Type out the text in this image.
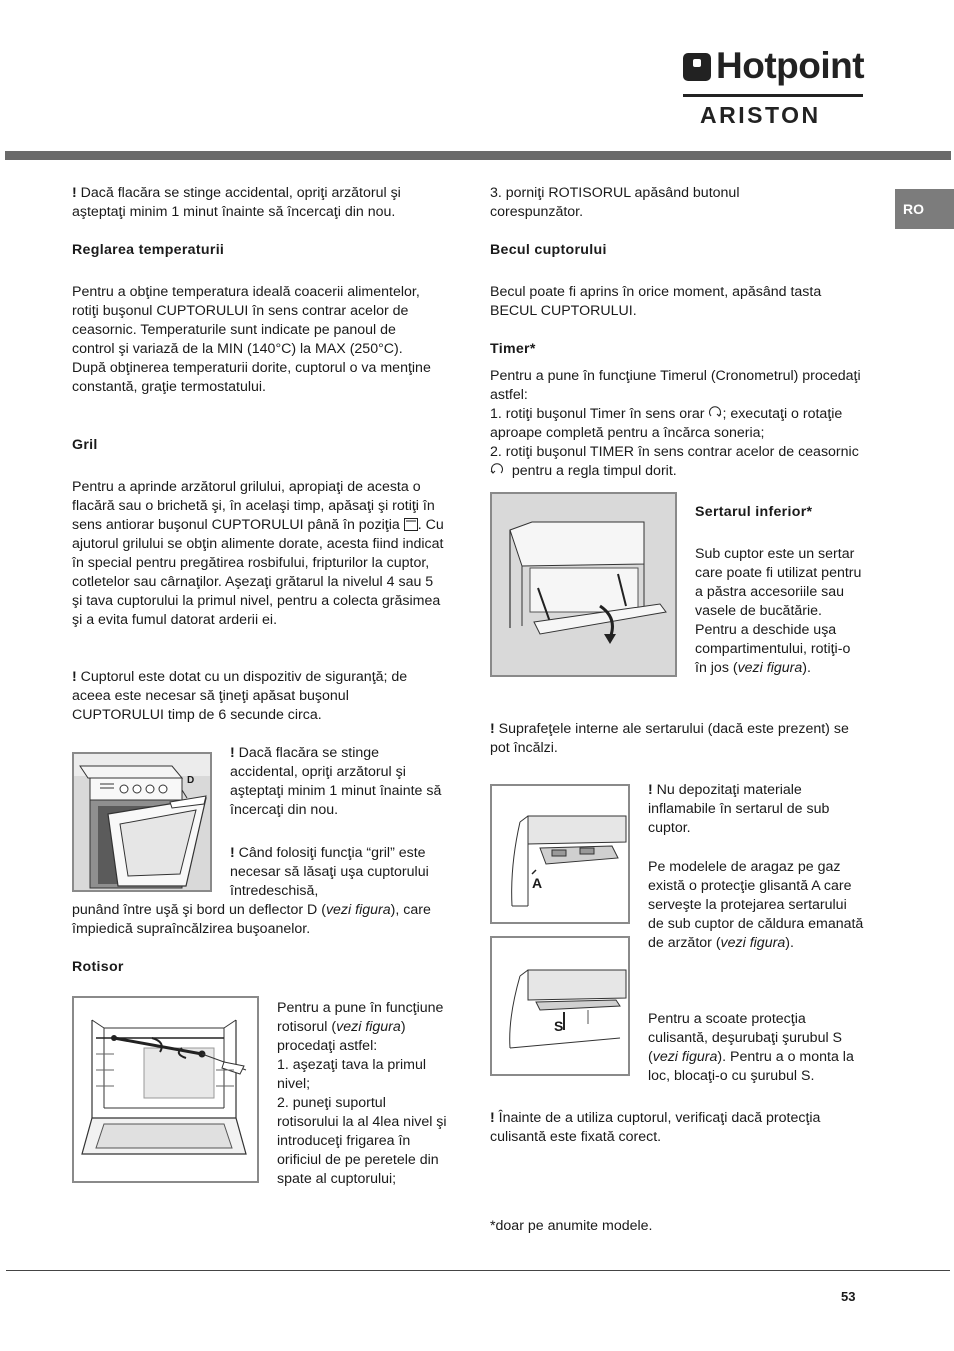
Hotpoint
ARISTON
RO

! Dacă flacăra se stinge accidental, opriţi arzătorul şi aşteptaţi minim 1 minut înainte să încercaţi din nou.

Reglarea temperaturii

Pentru a obţine temperatura ideală coacerii alimentelor, rotiţi buşonul CUPTORULUI în sens contrar acelor de ceasornic. Temperaturile sunt indicate pe panoul de control şi variază de la MIN (140°C) la MAX (250°C). După obţinerea temperaturii dorite, cuptorul o va menţine constantă, graţie termostatului.

Gril

Pentru a aprinde arzătorul grilului, apropiaţi de acesta o flacără sau o brichetă şi, în acelaşi timp, apăsaţi şi rotiţi în sens antiorar buşonul CUPTORULUI până în poziţia . Cu ajutorul grilului se obţin alimente dorate, acesta fiind indicat în special pentru pregătirea rosbifului, fripturilor la cuptor, cotletelor sau cârnaţilor. Aşezaţi grătarul la nivelul 4 sau 5 şi tava cuptorului la primul nivel, pentru a colecta grăsimea şi a evita fumul datorat arderii ei.

! Cuptorul este dotat cu un dispozitiv de siguranţă; de aceea este necesar să ţineţi apăsat buşonul CUPTORULUI timp de 6 secunde circa.

D

! Dacă flacăra se stinge accidental, opriţi arzătorul şi aşteptaţi minim 1 minut înainte să încercaţi din nou.

! Când folosiţi funcţia “gril” este necesar să lăsaţi uşa cuptorului întredeschisă,

punând între uşă şi bord un deflector D (vezi figura), care împiedică supraîncălzirea buşoanelor.

Rotisor

Pentru a pune în funcţiune rotisorul (vezi figura) procedaţi astfel:
1. aşezaţi tava la primul nivel;
2. puneţi suportul rotisorului la al 4lea nivel şi introduceţi frigarea în orificiul de pe peretele din spate al cuptorului;

3. porniţi ROTISORUL apăsând butonul corespunzător.

Becul cuptorului

Becul poate fi aprins în orice moment, apăsând tasta BECUL CUPTORULUI.

Timer*

Pentru a pune în funcţiune Timerul (Cronometrul) procedaţi astfel:
1. rotiţi buşonul Timer în sens orar ; executaţi o rotaţie aproape completă pentru a încărca soneria;
2. rotiţi buşonul TIMER în sens contrar acelor de ceasornic   pentru a regla timpul dorit.

Sertarul inferior*

Sub cuptor este un sertar care poate fi utilizat pentru a păstra accesoriile sau vasele de bucătărie. Pentru a deschide uşa compartimentului, rotiţi-o în jos (vezi figura).

! Suprafeţele interne ale sertarului (dacă este prezent) se pot încălzi.

A

! Nu depozitaţi materiale inflamabile în sertarul de sub cuptor.

Pe modelele de aragaz pe gaz există o protecţie glisantă A care serveşte la protejarea sertarului de sub cuptor de căldura emanată de arzător (vezi figura).

S	Pentru a scoate protecţia culisantă, deşurubaţi şurubul S (vezi figura). Pentru a o monta la loc, blocaţi-o cu şurubul S.

! Înainte de a utiliza cuptorul, verificaţi dacă protecţia culisantă este fixată corect.

*doar pe anumite modele.

53
